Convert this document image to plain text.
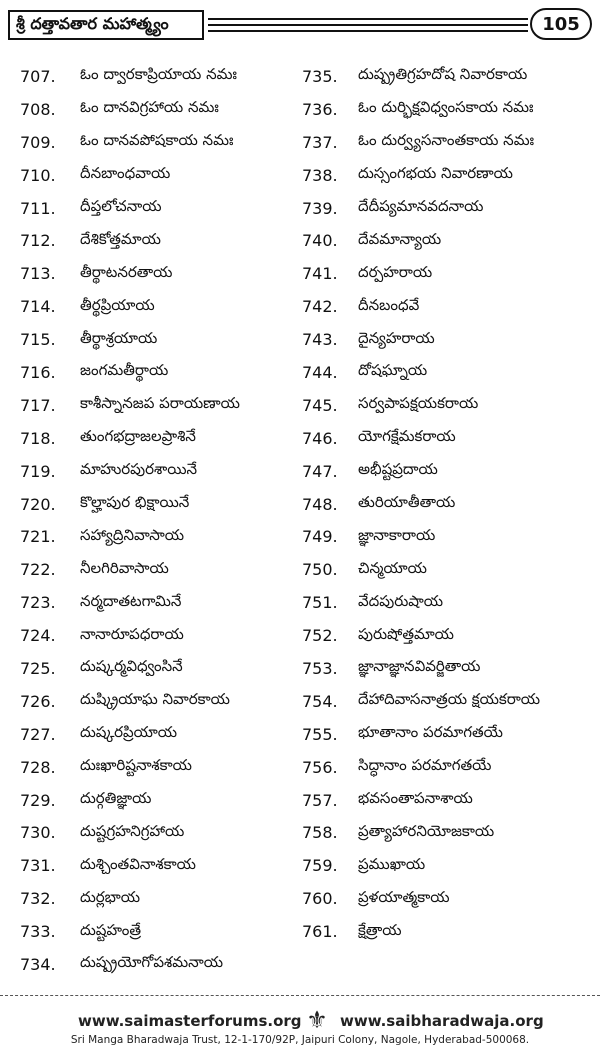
శ్రీ దత్తావతార మహాత్మ్యం	105
707.	ఓం ద్వారకాప్రియాయ నమః
708.	ఓం దానవిగ్రహాయ నమః
709.	ఓం దానవపోషకాయ నమః
710.	దీనబాంధవాయ
711.	దీప్తలోచనాయ
712.	దేశికోత్తమాయ
713.	తీర్థాటనరతాయ
714.	తీర్థప్రియాయ
715.	తీర్థాశ్రయాయ
716.	జంగమతీర్థాయ
717.	కాశీస్నానజప పరాయణాయ
718.	తుంగభద్రాజలప్రాశినే
719.	మాహురపురశాయినే
720.	కొల్హాపుర భిక్షాయినే
721.	సహ్యాద్రినివాసాయ
722.	నీలగిరివాసాయ
723.	నర్మదాతటగామినే
724.	నానారూపధరాయ
725.	దుష్కర్మవిధ్వంసినే
726.	దుష్క్రియాఘ నివారకాయ
727.	దుష్కరప్రియాయ
728.	దుఃఖారిష్టనాశకాయ
729.	దుర్గతిజ్ఞాయ
730.	దుష్టగ్రహనిగ్రహాయ
731.	దుశ్చింతవినాశకాయ
732.	దుర్లభాయ
733.	దుష్టహంత్రే
734.	దుష్ప్రయోగోపశమనాయ
735.	దుష్ప్రతిగ్రహదోష నివారకాయ
736.	ఓం దుర్భిక్షవిధ్వంసకాయ నమః
737.	ఓం దుర్వ్యసనాంతకాయ నమః
738.	దుస్సంగభయ నివారణాయ
739.	దేదీప్యమానవదనాయ
740.	దేవమాన్యాయ
741.	దర్పహరాయ
742.	దీనబంధవే
743.	దైన్యహరాయ
744.	దోషఘ్నాయ
745.	సర్వపాపక్షయకరాయ
746.	యోగక్షేమకరాయ
747.	అభీష్టప్రదాయ
748.	తురియాతీతాయ
749.	జ్ఞానాకారాయ
750.	చిన్మయాయ
751.	వేదపురుషాయ
752.	పురుషోత్తమాయ
753.	జ్ఞానాజ్ఞానవివర్జితాయ
754.	దేహాదివాసనాత్రయ క్షయకరాయ
755.	భూతానాం పరమాగతయే
756.	సిద్ధానాం పరమాగతయే
757.	భవసంతాపనాశాయ
758.	ప్రత్యాహారనియోజకాయ
759.	ప్రముఖాయ
760.	ప్రళయాత్మకాయ
761.	క్షేత్రాయ
www.saimasterforums.org ⚜ www.saibharadwaja.org
Sri Manga Bharadwaja Trust, 12-1-170/92P, Jaipuri Colony, Nagole, Hyderabad-500068.
